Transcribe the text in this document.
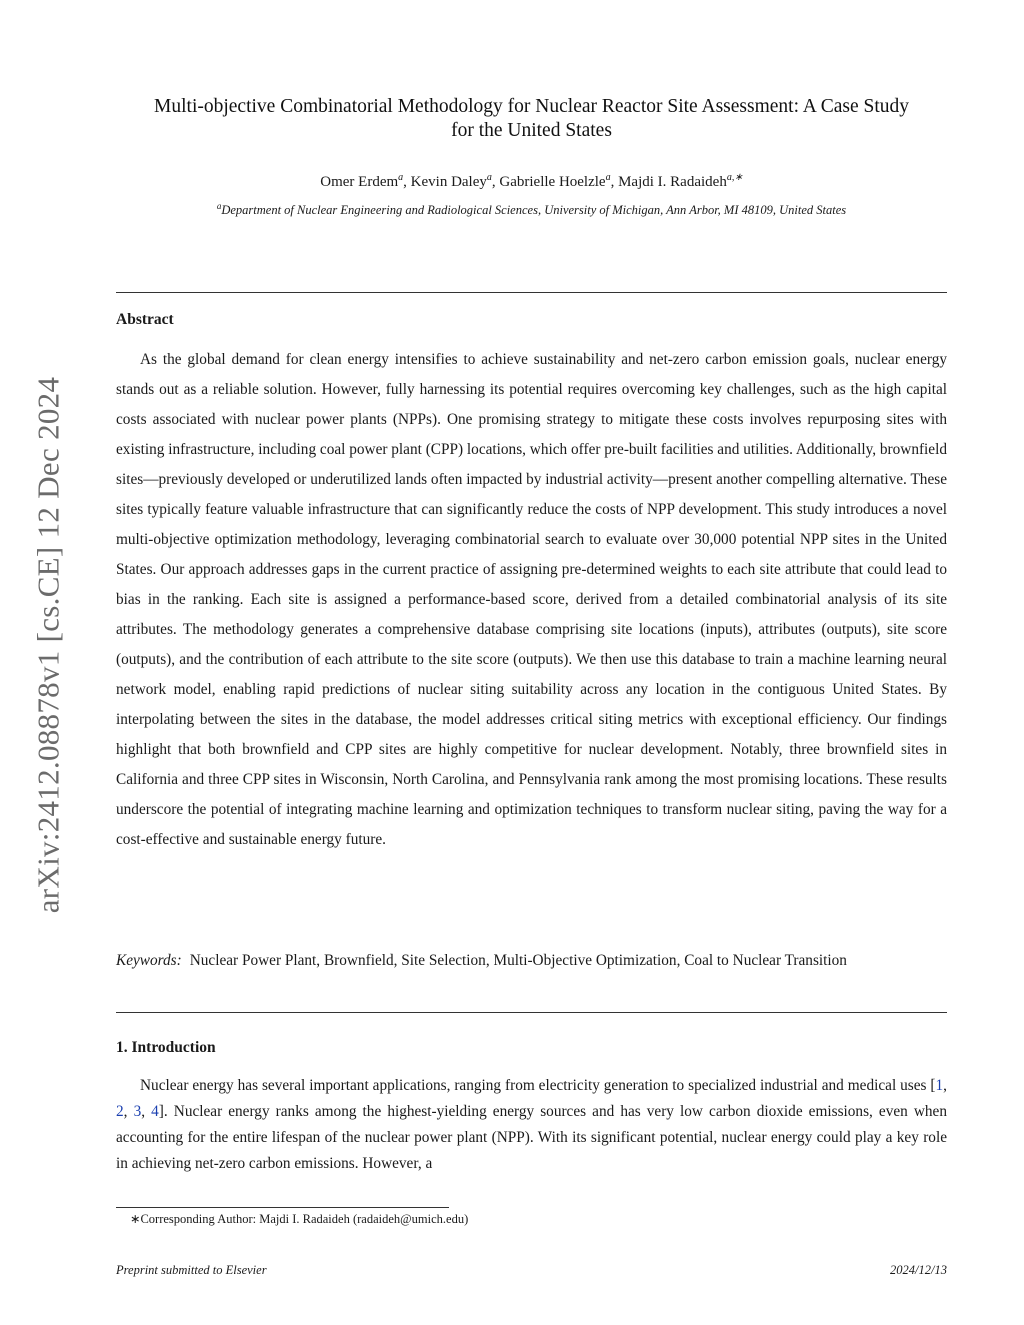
arXiv:2412.08878v1 [cs.CE] 12 Dec 2024
Multi-objective Combinatorial Methodology for Nuclear Reactor Site Assessment: A Case Study
for the United States
Omer Erdem$^a$, Kevin Daley$^a$, Gabrielle Hoelzle$^a$, Majdi I. Radaideh$^{a,∗}$
$^a$Department of Nuclear Engineering and Radiological Sciences, University of Michigan, Ann Arbor, MI 48109, United States
Abstract

As the global demand for clean energy intensifies to achieve sustainability and net-zero carbon emission goals, nuclear energy stands out as a reliable solution. However, fully harnessing its potential requires overcoming key challenges, such as the high capital costs associated with nuclear power plants (NPPs). One promising strategy to mitigate these costs involves repurposing sites with existing infrastructure, including coal power plant (CPP) locations, which offer pre-built facilities and utilities. Additionally, brownfield sites—previously developed or underutilized lands often impacted by industrial activity—present another compelling alternative. These sites typically feature valuable infrastructure that can significantly reduce the costs of NPP development. This study introduces a novel multi-objective optimization methodology, leveraging combinatorial search to evaluate over 30,000 potential NPP sites in the United States. Our approach addresses gaps in the current practice of assigning pre-determined weights to each site attribute that could lead to bias in the ranking. Each site is assigned a performance-based score, derived from a detailed combinatorial analysis of its site attributes. The methodology generates a comprehensive database comprising site locations (inputs), attributes (outputs), site score (outputs), and the contribution of each attribute to the site score (outputs). We then use this database to train a machine learning neural network model, enabling rapid predictions of nuclear siting suitability across any location in the contiguous United States. By interpolating between the sites in the database, the model addresses critical siting metrics with exceptional efficiency. Our findings highlight that both brownfield and CPP sites are highly competitive for nuclear development. Notably, three brownfield sites in California and three CPP sites in Wisconsin, North Carolina, and Pennsylvania rank among the most promising locations. These results underscore the potential of integrating machine learning and optimization techniques to transform nuclear siting, paving the way for a cost-effective and sustainable energy future.

Keywords: Nuclear Power Plant, Brownfield, Site Selection, Multi-Objective Optimization, Coal to Nuclear Transition

1. Introduction

Nuclear energy has several important applications, ranging from electricity generation to specialized industrial and medical uses [1, 2, 3, 4]. Nuclear energy ranks among the highest-yielding energy sources and has very low carbon dioxide emissions, even when accounting for the entire lifespan of the nuclear power plant (NPP). With its significant potential, nuclear energy could play a key role in achieving net-zero carbon emissions. However, a

∗Corresponding Author: Majdi I. Radaideh (radaideh@umich.edu)
Preprint submitted to Elsevier	2024/12/13
